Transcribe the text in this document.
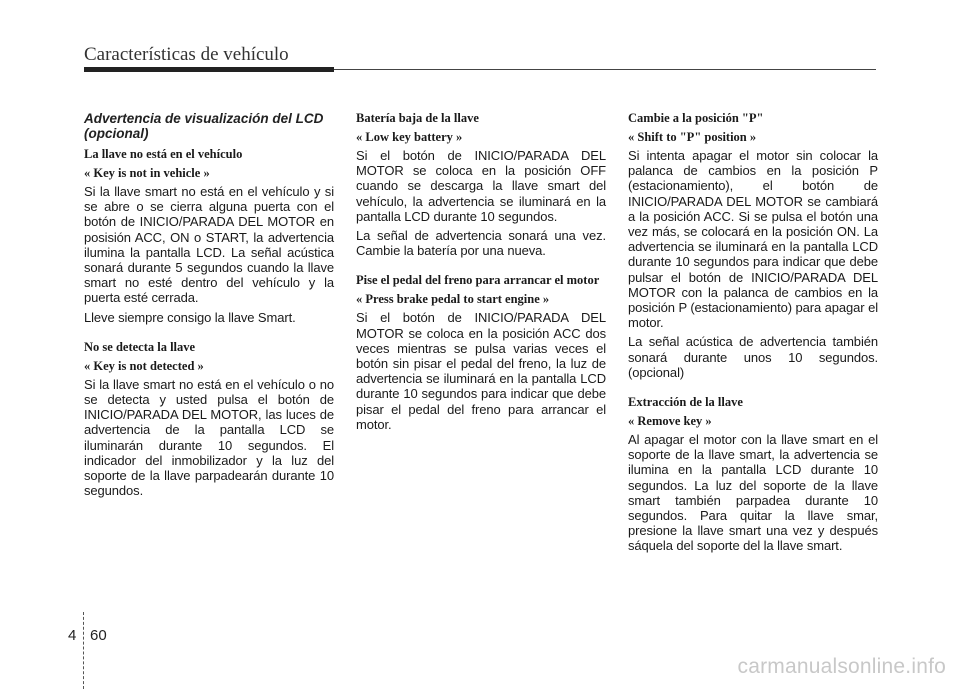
Características de vehículo

Advertencia de visualización del LCD (opcional)

La llave no está en el vehículo

« Key is not in vehicle »

Si la llave smart no está en el vehículo y si se abre o se cierra alguna puerta con el botón de INICIO/PARADA DEL MOTOR en posisión ACC, ON o START, la advertencia ilumina la pantalla LCD. La señal acústica sonará durante 5 segundos cuando la llave smart no esté dentro del vehículo y la puerta esté cerrada.

Lleve siempre consigo la llave Smart.

No se detecta la llave

« Key is not detected »

Si la llave smart no está en el vehículo o no se detecta y usted pulsa el botón de INICIO/PARADA DEL MOTOR, las luces de advertencia de la pantalla LCD se iluminarán durante 10 segundos. El indicador del inmobilizador y la luz del soporte de la llave parpadearán durante 10 segundos.

Batería baja de la llave

« Low key battery »

Si el botón de INICIO/PARADA DEL MOTOR se coloca en la posición OFF cuando se descarga la llave smart del vehículo, la advertencia se iluminará en la pantalla LCD durante 10 segundos.

La señal de advertencia sonará una vez. Cambie la batería por una nueva.

Pise el pedal del freno para arrancar el motor

« Press brake pedal to start engine »

Si el botón de INICIO/PARADA DEL MOTOR se coloca en la posición ACC dos veces mientras se pulsa varias veces el botón sin pisar el pedal del freno, la luz de advertencia se iluminará en la pantalla LCD durante 10 segundos para indicar que debe pisar el pedal del freno para arrancar el motor.

Cambie a la posición "P"

« Shift to "P" position »

Si intenta apagar el motor sin colocar la palanca de cambios en la posición P (estacionamiento), el botón de INICIO/PARADA DEL MOTOR se cambiará a la posición ACC. Si se pulsa el botón una vez más, se colocará en la posición ON. La advertencia se iluminará en la pantalla LCD durante 10 segundos para indicar que debe pulsar el botón de INICIO/PARADA DEL MOTOR con la palanca de cambios en la posición P (estacionamiento) para apagar el motor.

La señal acústica de advertencia también sonará durante unos 10 segundos. (opcional)

Extracción de la llave

« Remove key »

Al apagar el motor con la llave smart en el soporte de la llave smart, la advertencia se ilumina en la pantalla LCD durante 10 segundos. La luz del soporte de la llave smart también parpadea durante 10 segundos. Para quitar la llave smar, presione la llave smart una vez y después sáquela del soporte del la llave smart.

4 60
carmanualsonline.info
